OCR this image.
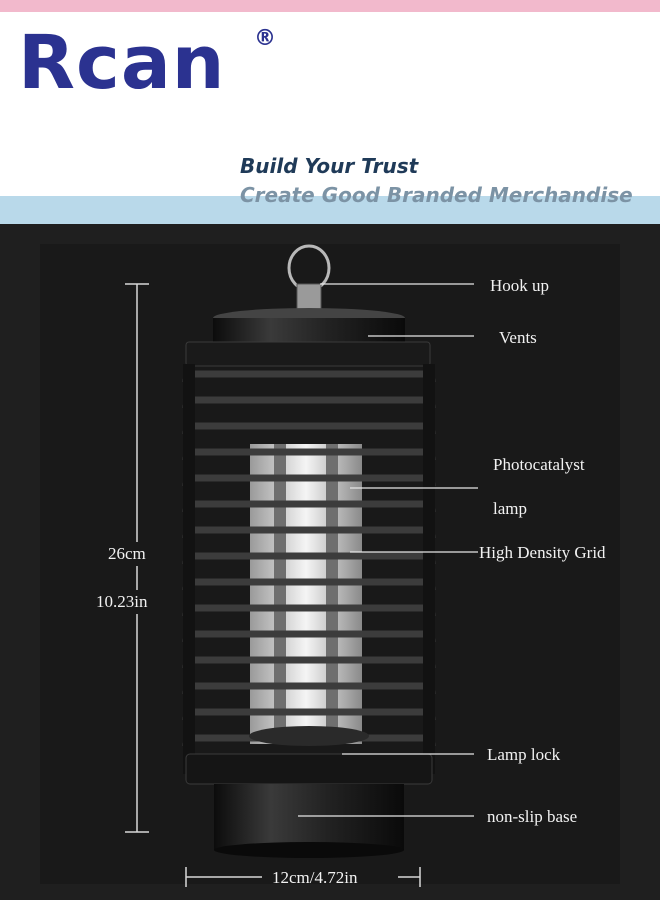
Rcan ®
Build Your Trust
Create Good Branded Merchandise
Hook up
Vents
Photocatalyst
lamp
High Density Grid
Lamp lock
non-slip base
26cm
10.23in
12cm/4.72in
